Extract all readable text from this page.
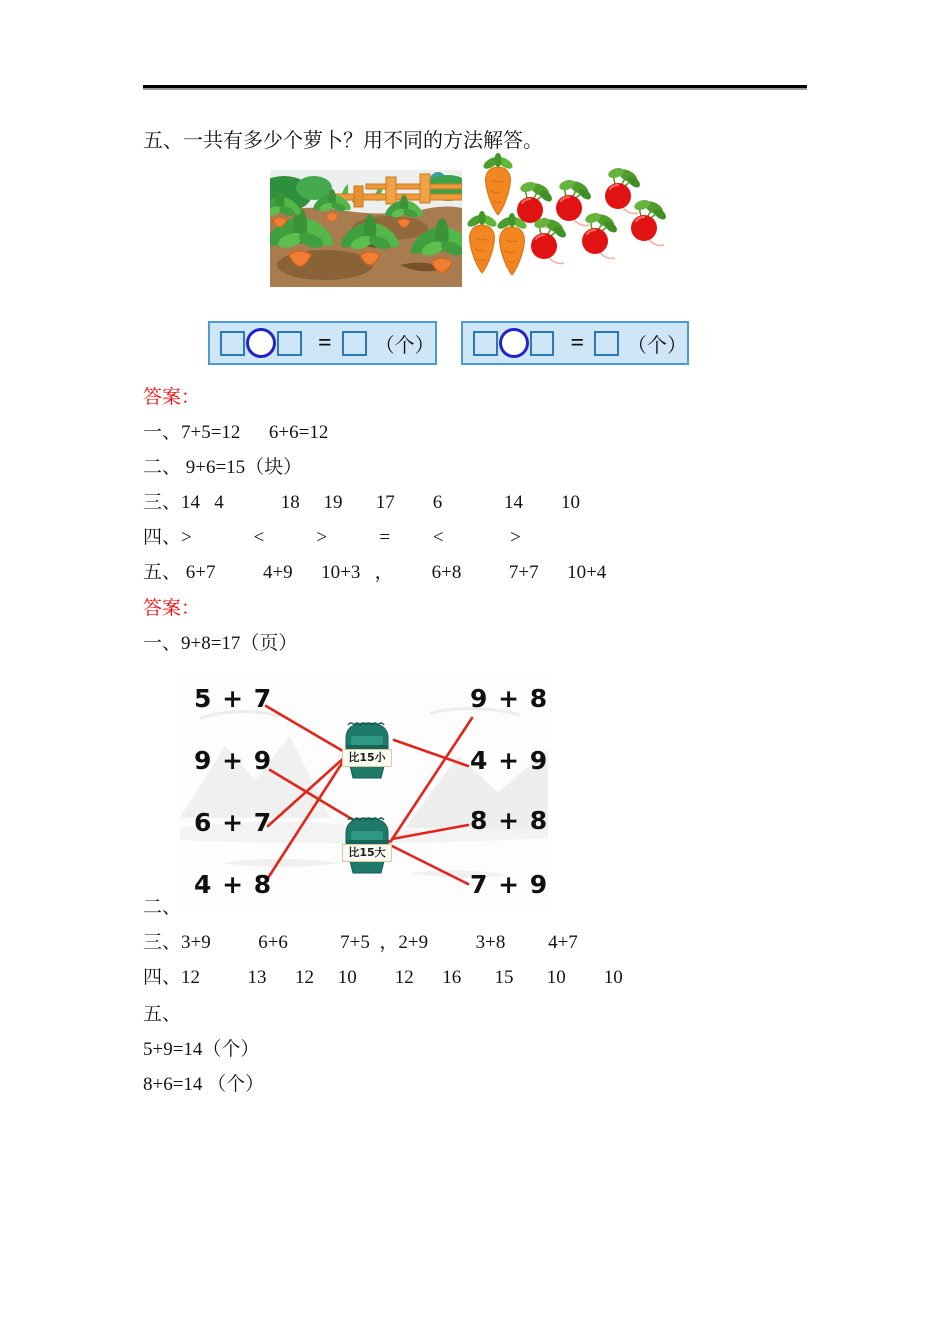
五、一共有多少个萝卜？用不同的方法解答。
= （个）	= （个）
答案：
一、7+5=12      6+6=12
二、 9+6=15（块）
三、14   4            18     19       17        6             14        10
四、>             <           >           =         <              >
五、 6+7          4+9      10+3   ，        6+8          7+7      10+4
答案：
一、9+8=17（页）
5 + 7
9 + 9
6 + 7
4 + 8
9 + 8
4 + 9
8 + 8
7 + 9
比15小
比15大
二、
三、3+9          6+6           7+5  ，2+9          3+8         4+7
四、12          13      12     10        12      16       15       10        10
五、
5+9=14（个）
8+6=14 （个）
